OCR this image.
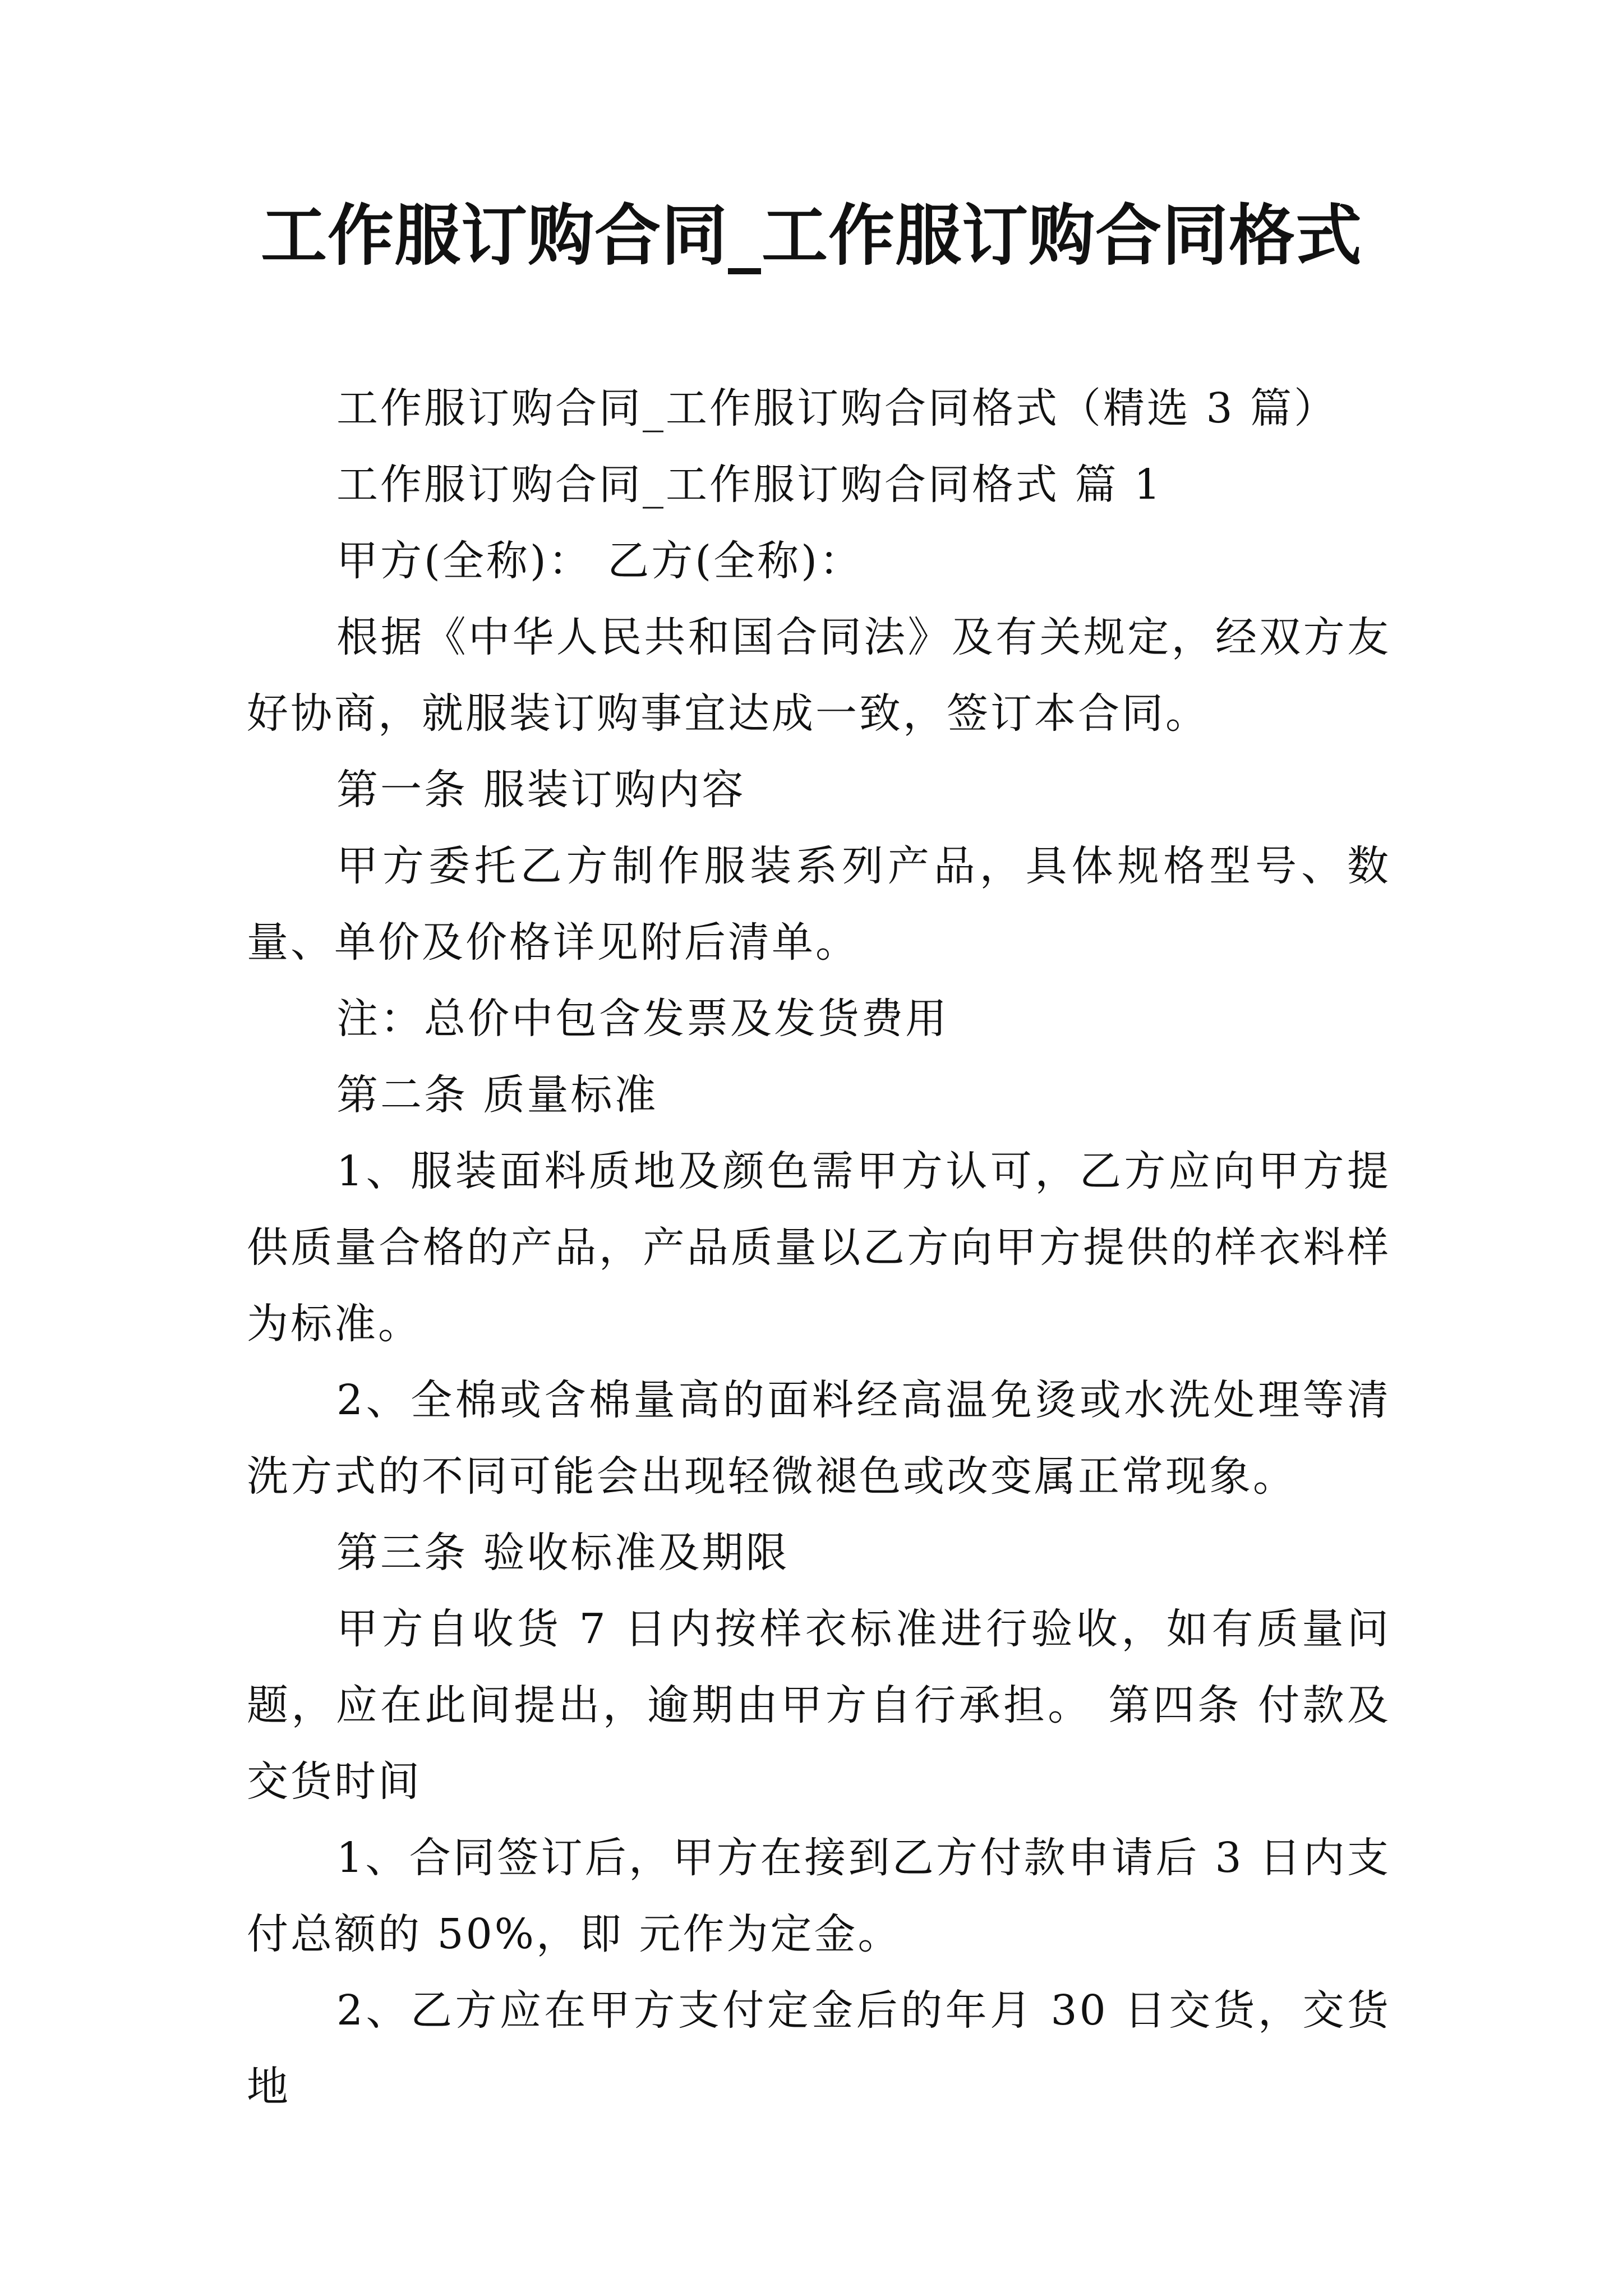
工作服订购合同_工作服订购合同格式

工作服订购合同_工作服订购合同格式（精选 3 篇）

工作服订购合同_工作服订购合同格式 篇 1

甲方(全称)： 乙方(全称)：

根据《中华人民共和国合同法》及有关规定，经双方友好协商，就服装订购事宜达成一致，签订本合同。

第一条 服装订购内容

甲方委托乙方制作服装系列产品，具体规格型号、数量、单价及价格详见附后清单。

注：总价中包含发票及发货费用

第二条 质量标准

1、服装面料质地及颜色需甲方认可，乙方应向甲方提供质量合格的产品，产品质量以乙方向甲方提供的样衣料样为标准。

2、全棉或含棉量高的面料经高温免烫或水洗处理等清洗方式的不同可能会出现轻微褪色或改变属正常现象。

第三条 验收标准及期限

甲方自收货 7 日内按样衣标准进行验收，如有质量问题，应在此间提出，逾期由甲方自行承担。 第四条 付款及交货时间

1、合同签订后，甲方在接到乙方付款申请后 3 日内支付总额的 50%，即 元作为定金。

2、乙方应在甲方支付定金后的年月 30 日交货，交货地
